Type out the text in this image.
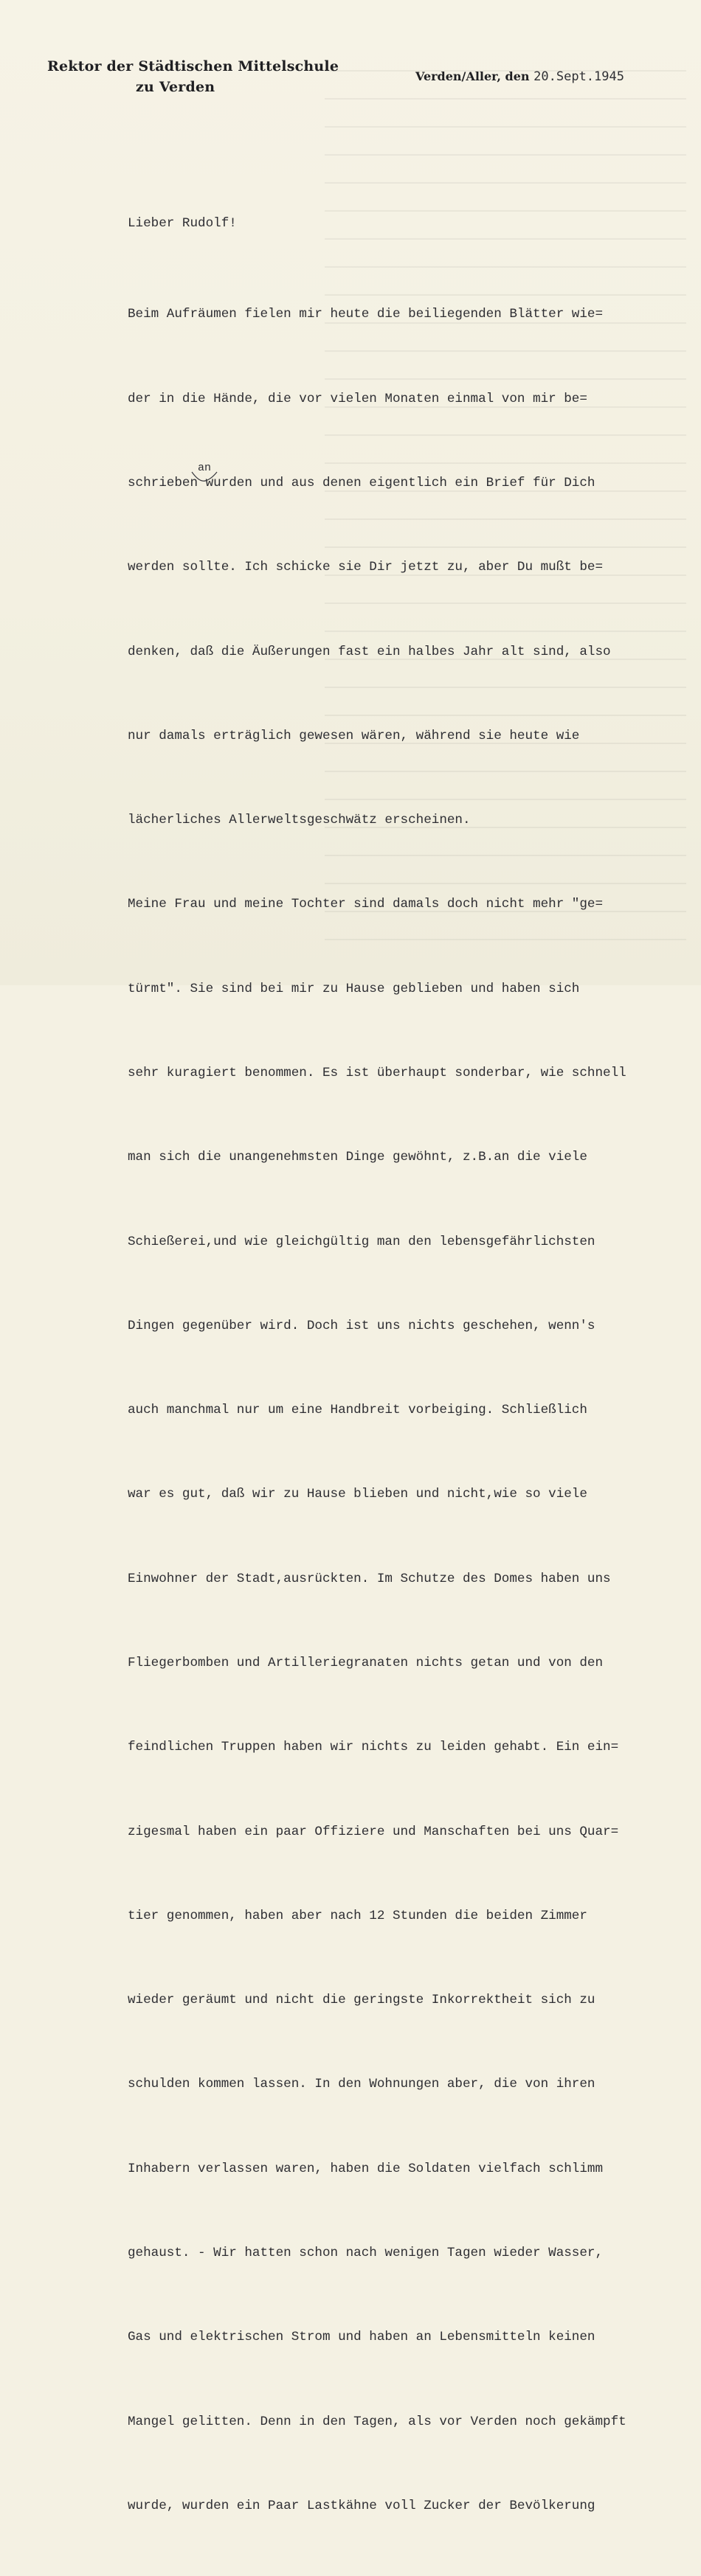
Rektor der Städtischen Mittelschule
zu Verden
Verden/Aller, den 20.Sept.1945

Lieber Rudolf!

Beim Aufräumen fielen mir heute die beiliegenden Blätter wie=

der in die Hände, die vor vielen Monaten einmal von mir be=

schrieben wurden und aus denen eigentlich ein Brief für Dich

werden sollte. Ich schicke sie Dir jetzt zu, aber Du mußt be=

denken, daß die Äußerungen fast ein halbes Jahr alt sind, also

nur damals erträglich gewesen wären, während sie heute wie

lächerliches Allerweltsgeschwätz erscheinen.

Meine Frau und meine Tochter sind damals doch nicht mehr "ge=

türmt". Sie sind bei mir zu Hause geblieben und haben sich

sehr kuragiert benommen. Es ist überhaupt sonderbar, wie schnell

man sich die unangenehmsten Dinge gewöhnt, z.B.an die viele

Schießerei,und wie gleichgültig man den lebensgefährlichsten

Dingen gegenüber wird. Doch ist uns nichts geschehen, wenn's

auch manchmal nur um eine Handbreit vorbeiging. Schließlich

war es gut, daß wir zu Hause blieben und nicht,wie so viele

Einwohner der Stadt,ausrückten. Im Schutze des Domes haben uns

Fliegerbomben und Artilleriegranaten nichts getan und von den

feindlichen Truppen haben wir nichts zu leiden gehabt. Ein ein=

zigesmal haben ein paar Offiziere und Manschaften bei uns Quar=

tier genommen, haben aber nach 12 Stunden die beiden Zimmer

wieder geräumt und nicht die geringste Inkorrektheit sich zu

schulden kommen lassen. In den Wohnungen aber, die von ihren

Inhabern verlassen waren, haben die Soldaten vielfach schlimm

gehaust. - Wir hatten schon nach wenigen Tagen wieder Wasser,

Gas und elektrischen Strom und haben an Lebensmitteln keinen

Mangel gelitten. Denn in den Tagen, als vor Verden noch gekämpft

wurde, wurden ein Paar Lastkähne voll Zucker der Bevölkerung

an
